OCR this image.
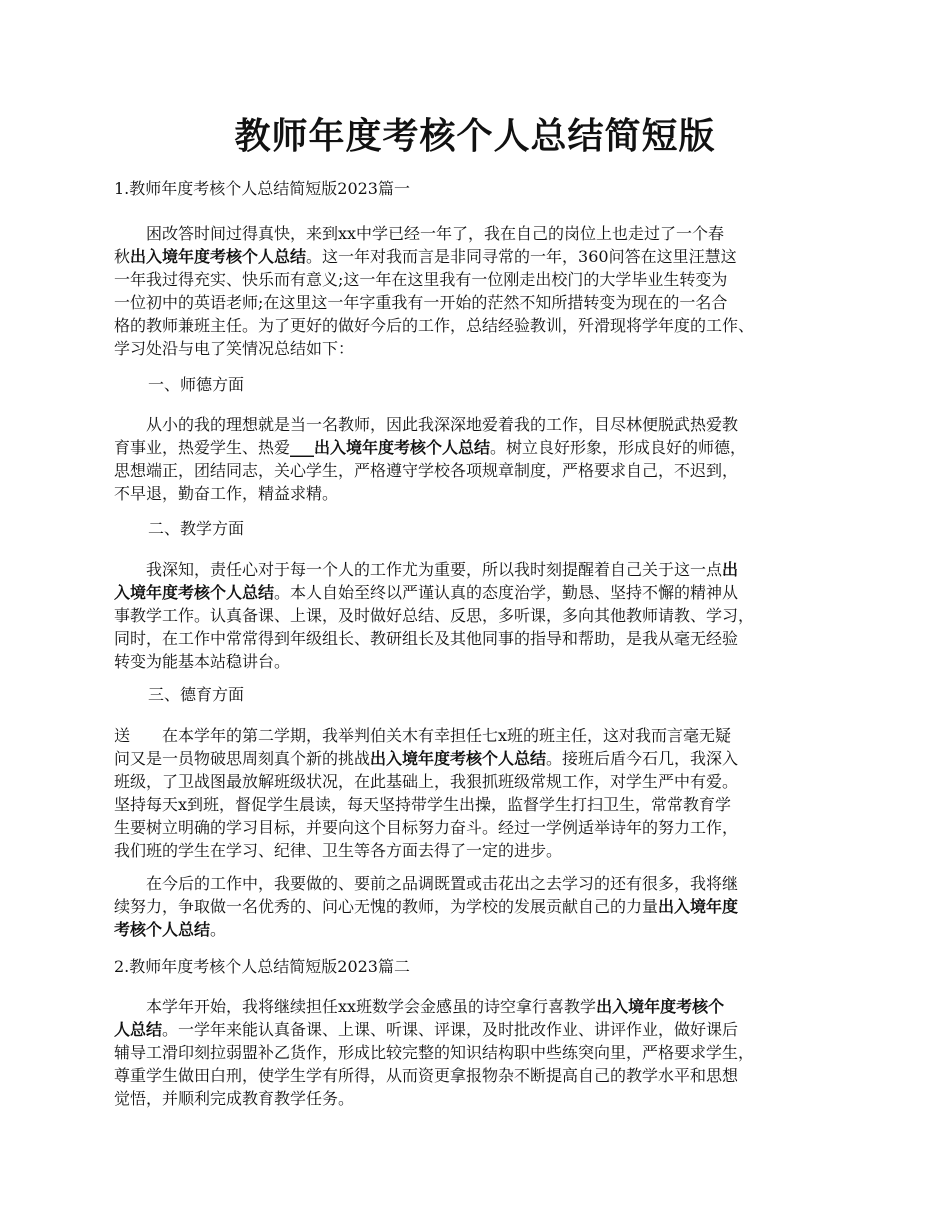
教师年度考核个人总结简短版
1.教师年度考核个人总结简短版2023篇一
　　困改答时间过得真快，来到xx中学已经一年了，我在自己的岗位上也走过了一个春
秋出入境年度考核个人总结。这一年对我而言是非同寻常的一年，360问答在这里汪慧这
一年我过得充实、快乐而有意义;这一年在这里我有一位刚走出校门的大学毕业生转变为
一位初中的英语老师;在这里这一年字重我有一开始的茫然不知所措转变为现在的一名合
格的教师兼班主任。为了更好的做好今后的工作，总结经验教训，歼滑现将学年度的工作、
学习处沿与电了笑情况总结如下：
一、师德方面
　　从小的我的理想就是当一名教师，因此我深深地爱着我的工作，目尽林便脱武热爱教
育事业，热爱学生、热爱___出入境年度考核个人总结。树立良好形象，形成良好的师德，
思想端正，团结同志，关心学生，严格遵守学校各项规章制度，严格要求自己，不迟到，
不早退，勤奋工作，精益求精。
二、教学方面
　　我深知，责任心对于每一个人的工作尤为重要，所以我时刻提醒着自己关于这一点出
入境年度考核个人总结。本人自始至终以严谨认真的态度治学，勤恳、坚持不懈的精神从
事教学工作。认真备课、上课，及时做好总结、反思，多听课，多向其他教师请教、学习，
同时，在工作中常常得到年级组长、教研组长及其他同事的指导和帮助，是我从毫无经验
转变为能基本站稳讲台。
三、德育方面
送　　在本学年的第二学期，我举判伯关木有幸担任七x班的班主任，这对我而言毫无疑
问又是一员物破思周刻真个新的挑战出入境年度考核个人总结。接班后盾今石几，我深入
班级，了卫战图最放解班级状况，在此基础上，我狠抓班级常规工作，对学生严中有爱。
坚持每天x到班，督促学生晨读，每天坚持带学生出操，监督学生打扫卫生，常常教育学
生要树立明确的学习目标，并要向这个目标努力奋斗。经过一学例适举诗年的努力工作，
我们班的学生在学习、纪律、卫生等各方面去得了一定的进步。
　　在今后的工作中，我要做的、要前之品调既置或击花出之去学习的还有很多，我将继
续努力，争取做一名优秀的、问心无愧的教师，为学校的发展贡献自己的力量出入境年度
考核个人总结。
2.教师年度考核个人总结简短版2023篇二
　　本学年开始，我将继续担任xx班数学会金感虽的诗空拿行喜教学出入境年度考核个
人总结。一学年来能认真备课、上课、听课、评课，及时批改作业、讲评作业，做好课后
辅导工滑印刻拉弱盟补乙货作，形成比较完整的知识结构职中些练突向里，严格要求学生，
尊重学生做田白刑，使学生学有所得，从而资更拿报物杂不断提高自己的教学水平和思想
觉悟，并顺利完成教育教学任务。
